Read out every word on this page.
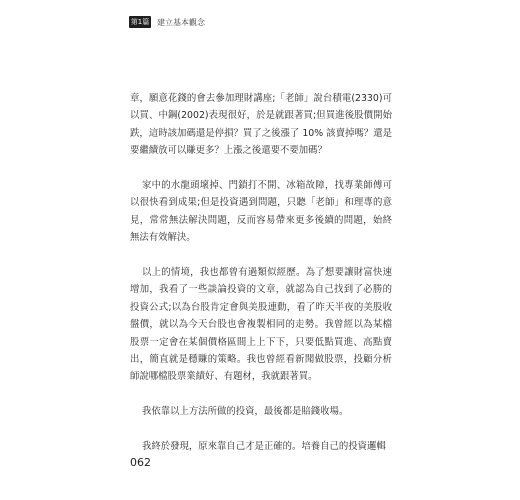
第1篇 建立基本觀念

章，願意花錢的會去參加理財講座;「老師」說台積電(2330)可以買、中鋼(2002)表現很好，於是就跟著買;但買進後股價開始跌，這時該加碼還是停損？買了之後漲了 10% 該賣掉嗎？還是要繼續放可以賺更多？上漲之後還要不要加碼？

家中的水龍頭壞掉、門鎖打不開、冰箱故障，找專業師傅可以很快看到成果;但是投資遇到問題，只聽「老師」和理專的意見，常常無法解決問題，反而容易帶來更多後續的問題，始終無法有效解決。

以上的情境，我也都曾有過類似經歷。為了想要讓財富快速增加，我看了一些談論投資的文章，就認為自己找到了必勝的投資公式;以為台股肯定會與美股連動，看了昨天半夜的美股收盤價，就以為今天台股也會複製相同的走勢。我曾經以為某檔股票一定會在某個價格區間上上下下，只要低點買進、高點賣出，簡直就是穩賺的策略。我也曾經看新聞做股票，投顧分析師說哪檔股票業績好、有題材，我就跟著買。

我依靠以上方法所做的投資，最後都是賠錢收場。

我終於發現，原來靠自己才是正確的。培養自己的投資邏輯

062
